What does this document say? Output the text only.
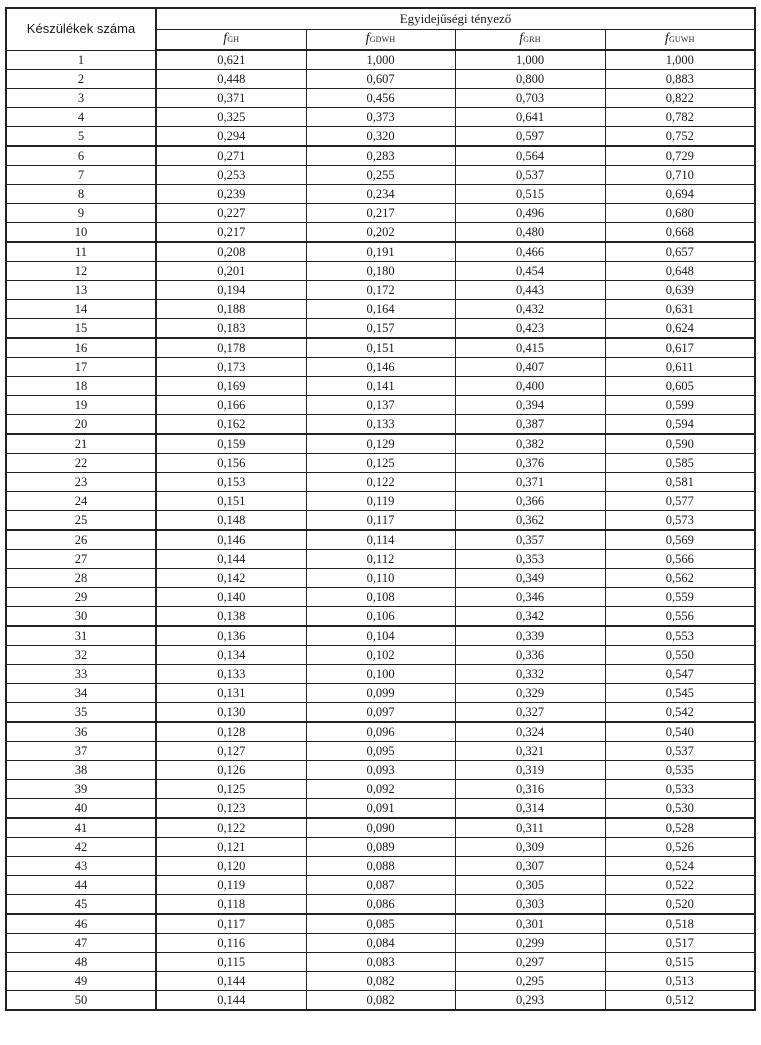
Készülékek száma	Egyidejűségi tényező			
	fGH	fGDWH	fGRH	fGUWH
1	0,621	1,000	1,000	1,000
2	0,448	0,607	0,800	0,883
3	0,371	0,456	0,703	0,822
4	0,325	0,373	0,641	0,782
5	0,294	0,320	0,597	0,752
6	0,271	0,283	0,564	0,729
7	0,253	0,255	0,537	0,710
8	0,239	0,234	0,515	0,694
9	0,227	0,217	0,496	0,680
10	0,217	0,202	0,480	0,668
11	0,208	0,191	0,466	0,657
12	0,201	0,180	0,454	0,648
13	0,194	0,172	0,443	0,639
14	0,188	0,164	0,432	0,631
15	0,183	0,157	0,423	0,624
16	0,178	0,151	0,415	0,617
17	0,173	0,146	0,407	0,611
18	0,169	0,141	0,400	0,605
19	0,166	0,137	0,394	0,599
20	0,162	0,133	0,387	0,594
21	0,159	0,129	0,382	0,590
22	0,156	0,125	0,376	0,585
23	0,153	0,122	0,371	0,581
24	0,151	0,119	0,366	0,577
25	0,148	0,117	0,362	0,573
26	0,146	0,114	0,357	0,569
27	0,144	0,112	0,353	0,566
28	0,142	0,110	0,349	0,562
29	0,140	0,108	0,346	0,559
30	0,138	0,106	0,342	0,556
31	0,136	0,104	0,339	0,553
32	0,134	0,102	0,336	0,550
33	0,133	0,100	0,332	0,547
34	0,131	0,099	0,329	0,545
35	0,130	0,097	0,327	0,542
36	0,128	0,096	0,324	0,540
37	0,127	0,095	0,321	0,537
38	0,126	0,093	0,319	0,535
39	0,125	0,092	0,316	0,533
40	0,123	0,091	0,314	0,530
41	0,122	0,090	0,311	0,528
42	0,121	0,089	0,309	0,526
43	0,120	0,088	0,307	0,524
44	0,119	0,087	0,305	0,522
45	0,118	0,086	0,303	0,520
46	0,117	0,085	0,301	0,518
47	0,116	0,084	0,299	0,517
48	0,115	0,083	0,297	0,515
49	0,144	0,082	0,295	0,513
50	0,144	0,082	0,293	0,512
